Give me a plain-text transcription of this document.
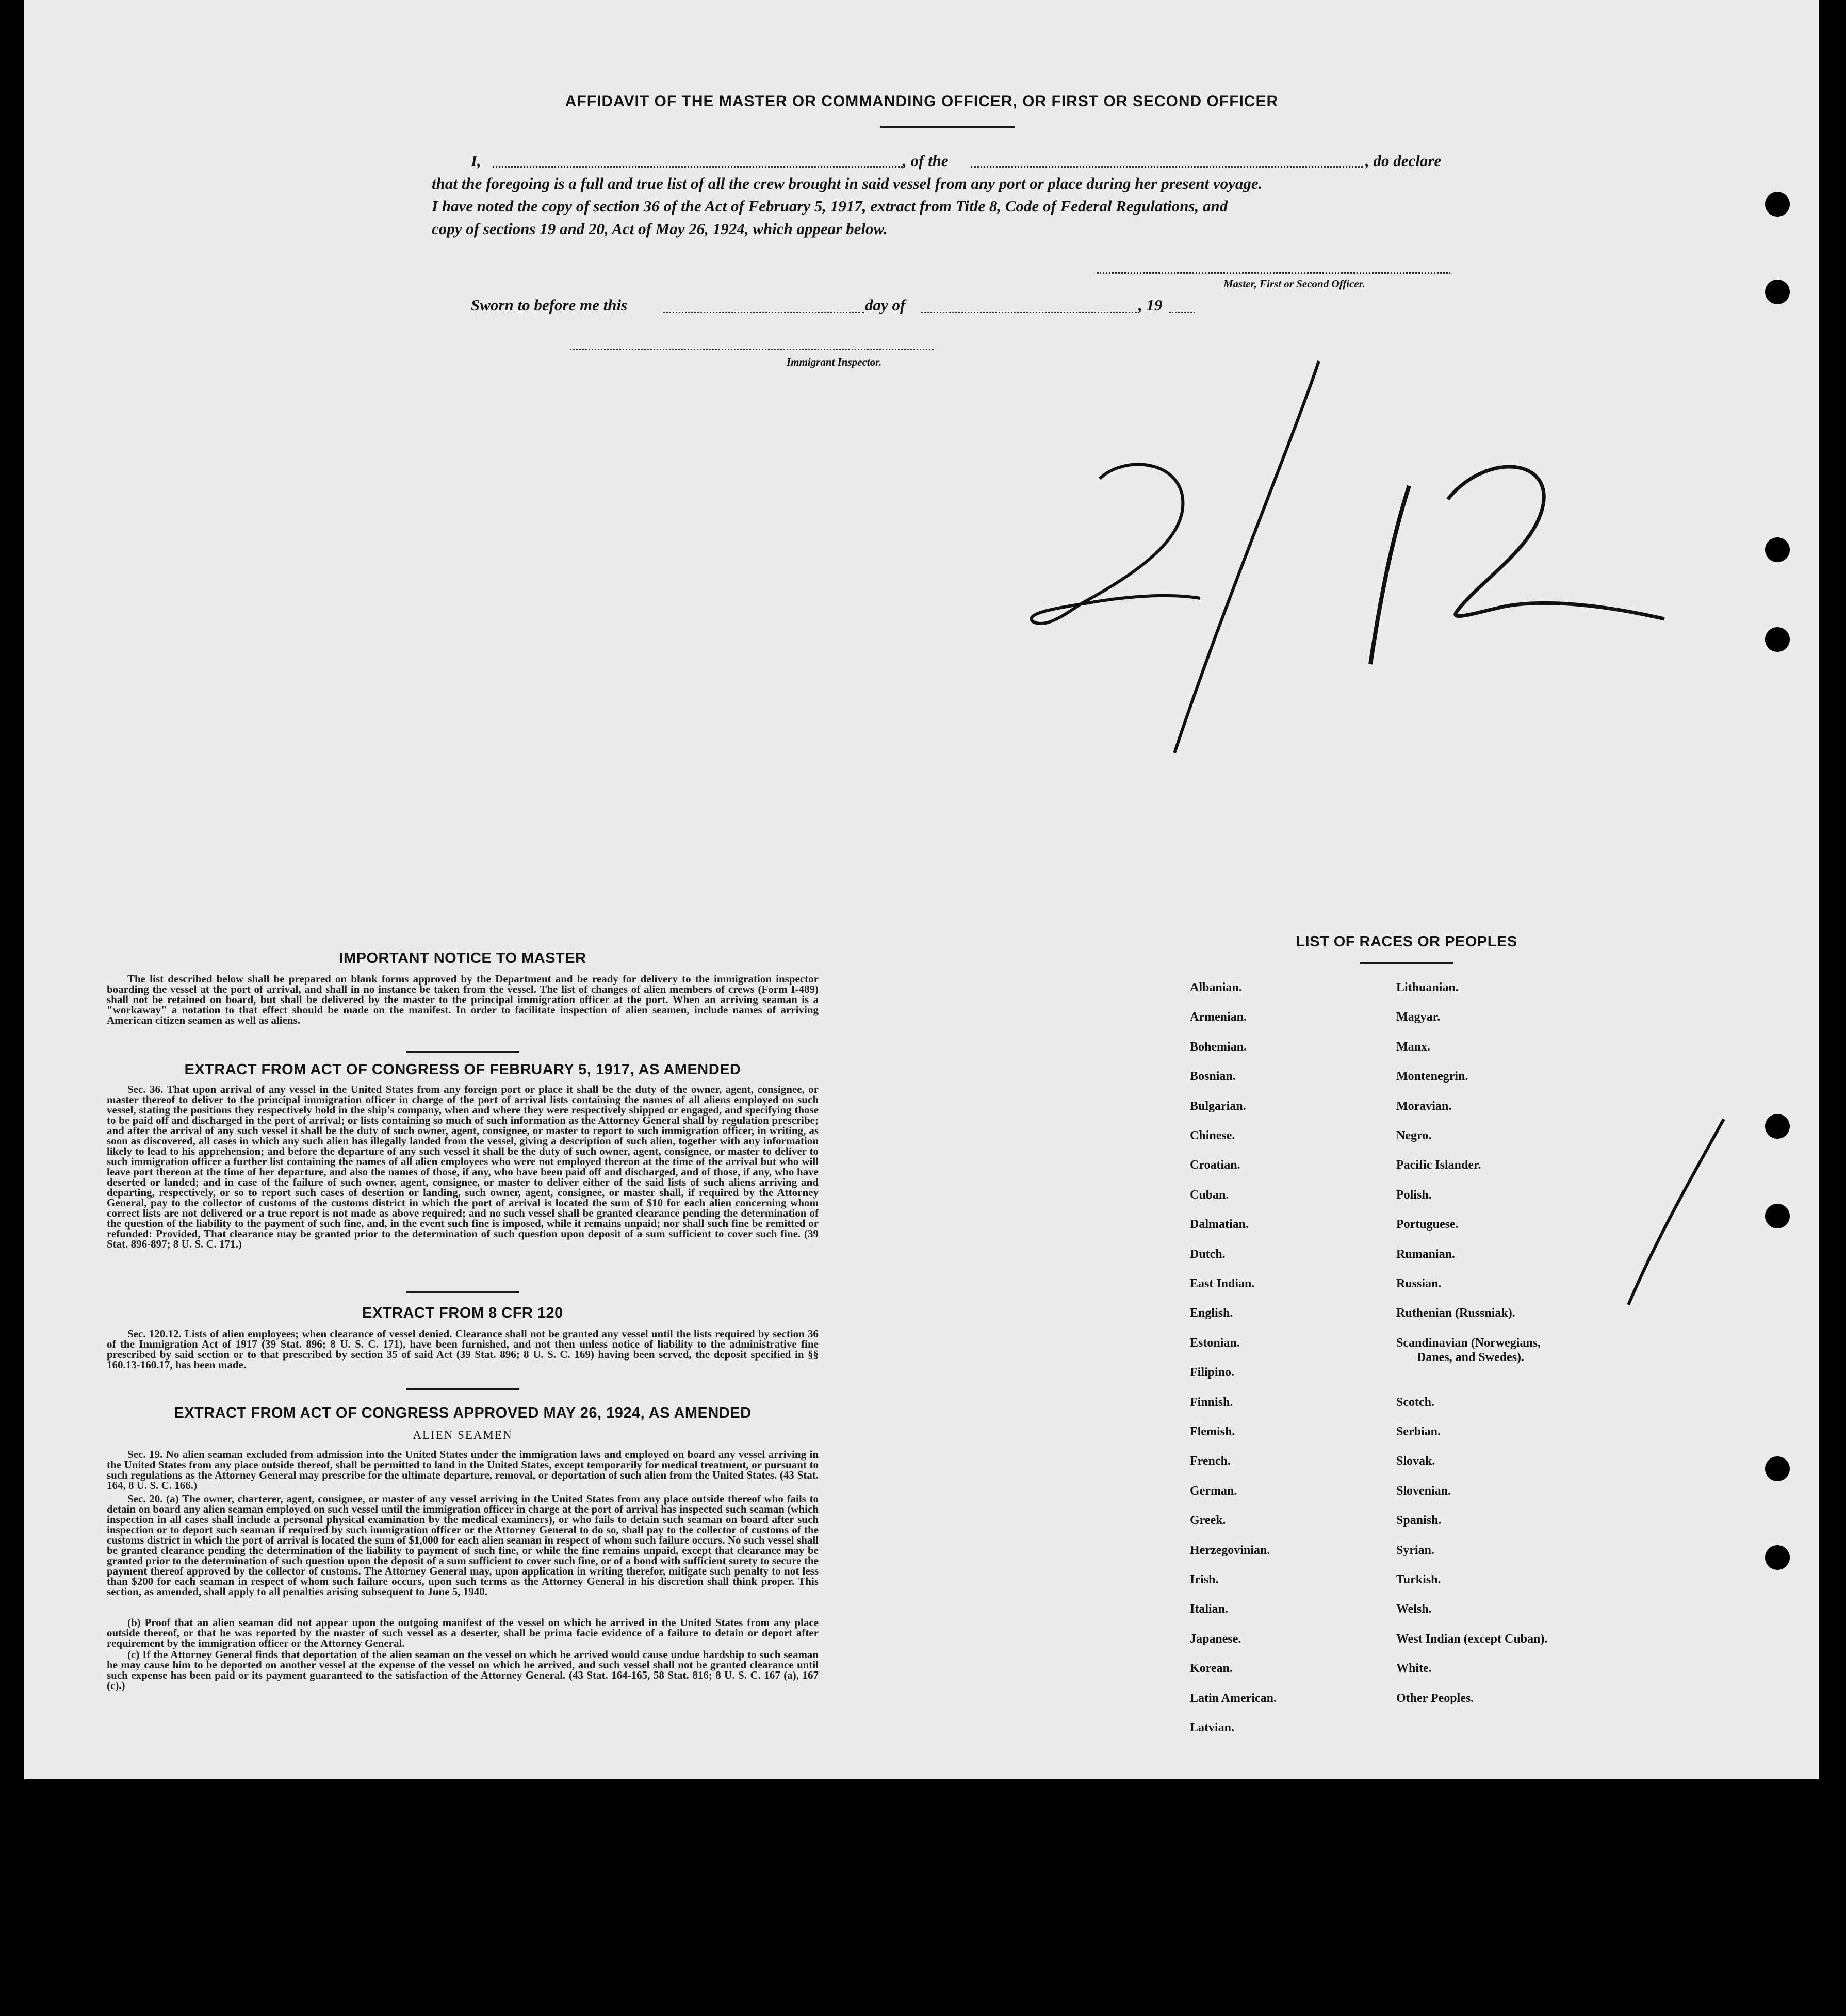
AFFIDAVIT OF THE MASTER OR COMMANDING OFFICER, OR FIRST OR SECOND OFFICER
I,	, of the	, do declare
that the foregoing is a full and true list of all the crew brought in said vessel from any port or place during her present voyage.
I have noted the copy of section 36 of the Act of February 5, 1917, extract from Title 8, Code of Federal Regulations, and
copy of sections 19 and 20, Act of May 26, 1924, which appear below.
Master, First or Second Officer.
Sworn to before me this	day of	, 19
Immigrant Inspector.
IMPORTANT NOTICE TO MASTER
The list described below shall be prepared on blank forms approved by the Department and be ready for delivery to the immigration inspector boarding the vessel at the port of arrival, and shall in no instance be taken from the vessel. The list of changes of alien members of crews (Form I-489) shall not be retained on board, but shall be delivered by the master to the principal immigration officer at the port. When an arriving seaman is a "workaway" a notation to that effect should be made on the manifest. In order to facilitate inspection of alien seamen, include names of arriving American citizen seamen as well as aliens.
EXTRACT FROM ACT OF CONGRESS OF FEBRUARY 5, 1917, AS AMENDED
Sec. 36. That upon arrival of any vessel in the United States from any foreign port or place it shall be the duty of the owner, agent, consignee, or master thereof to deliver to the principal immigration officer in charge of the port of arrival lists containing the names of all aliens employed on such vessel, stating the positions they respectively hold in the ship's company, when and where they were respectively shipped or engaged, and specifying those to be paid off and discharged in the port of arrival; or lists containing so much of such information as the Attorney General shall by regulation prescribe; and after the arrival of any such vessel it shall be the duty of such owner, agent, consignee, or master to report to such immigration officer, in writing, as soon as discovered, all cases in which any such alien has illegally landed from the vessel, giving a description of such alien, together with any information likely to lead to his apprehension; and before the departure of any such vessel it shall be the duty of such owner, agent, consignee, or master to deliver to such immigration officer a further list containing the names of all alien employees who were not employed thereon at the time of the arrival but who will leave port thereon at the time of her departure, and also the names of those, if any, who have been paid off and discharged, and of those, if any, who have deserted or landed; and in case of the failure of such owner, agent, consignee, or master to deliver either of the said lists of such aliens arriving and departing, respectively, or so to report such cases of desertion or landing, such owner, agent, consignee, or master shall, if required by the Attorney General, pay to the collector of customs of the customs district in which the port of arrival is located the sum of $10 for each alien concerning whom correct lists are not delivered or a true report is not made as above required; and no such vessel shall be granted clearance pending the determination of the question of the liability to the payment of such fine, and, in the event such fine is imposed, while it remains unpaid; nor shall such fine be remitted or refunded: Provided, That clearance may be granted prior to the determination of such question upon deposit of a sum sufficient to cover such fine. (39 Stat. 896-897; 8 U. S. C. 171.)
EXTRACT FROM 8 CFR 120
Sec. 120.12. Lists of alien employees; when clearance of vessel denied. Clearance shall not be granted any vessel until the lists required by section 36 of the Immigration Act of 1917 (39 Stat. 896; 8 U. S. C. 171), have been furnished, and not then unless notice of liability to the administrative fine prescribed by said section or to that prescribed by section 35 of said Act (39 Stat. 896; 8 U. S. C. 169) having been served, the deposit specified in §§ 160.13-160.17, has been made.
EXTRACT FROM ACT OF CONGRESS APPROVED MAY 26, 1924, AS AMENDED
ALIEN SEAMEN
Sec. 19. No alien seaman excluded from admission into the United States under the immigration laws and employed on board any vessel arriving in the United States from any place outside thereof, shall be permitted to land in the United States, except temporarily for medical treatment, or pursuant to such regulations as the Attorney General may prescribe for the ultimate departure, removal, or deportation of such alien from the United States. (43 Stat. 164, 8 U. S. C. 166.)
Sec. 20. (a) The owner, charterer, agent, consignee, or master of any vessel arriving in the United States from any place outside thereof who fails to detain on board any alien seaman employed on such vessel until the immigration officer in charge at the port of arrival has inspected such seaman (which inspection in all cases shall include a personal physical examination by the medical examiners), or who fails to detain such seaman on board after such inspection or to deport such seaman if required by such immigration officer or the Attorney General to do so, shall pay to the collector of customs of the customs district in which the port of arrival is located the sum of $1,000 for each alien seaman in respect of whom such failure occurs. No such vessel shall be granted clearance pending the determination of the liability to payment of such fine, or while the fine remains unpaid, except that clearance may be granted prior to the determination of such question upon the deposit of a sum sufficient to cover such fine, or of a bond with sufficient surety to secure the payment thereof approved by the collector of customs. The Attorney General may, upon application in writing therefor, mitigate such penalty to not less than $200 for each seaman in respect of whom such failure occurs, upon such terms as the Attorney General in his discretion shall think proper. This section, as amended, shall apply to all penalties arising subsequent to June 5, 1940.
(b) Proof that an alien seaman did not appear upon the outgoing manifest of the vessel on which he arrived in the United States from any place outside thereof, or that he was reported by the master of such vessel as a deserter, shall be prima facie evidence of a failure to detain or deport after requirement by the immigration officer or the Attorney General.
(c) If the Attorney General finds that deportation of the alien seaman on the vessel on which he arrived would cause undue hardship to such seaman he may cause him to be deported on another vessel at the expense of the vessel on which he arrived, and such vessel shall not be granted clearance until such expense has been paid or its payment guaranteed to the satisfaction of the Attorney General. (43 Stat. 164-165, 58 Stat. 816; 8 U. S. C. 167 (a), 167 (c).)
LIST OF RACES OR PEOPLES
Albanian.
Armenian.
Bohemian.
Bosnian.
Bulgarian.
Chinese.
Croatian.
Cuban.
Dalmatian.
Dutch.
East Indian.
English.
Estonian.
Filipino.
Finnish.
Flemish.
French.
German.
Greek.
Herzegovinian.
Irish.
Italian.
Japanese.
Korean.
Latin American.
Latvian.
Lithuanian.
Magyar.
Manx.
Montenegrin.
Moravian.
Negro.
Pacific Islander.
Polish.
Portuguese.
Rumanian.
Russian.
Ruthenian (Russniak).
Scandinavian (Norwegians,
Danes, and Swedes).
Scotch.
Serbian.
Slovak.
Slovenian.
Spanish.
Syrian.
Turkish.
Welsh.
West Indian (except Cuban).
White.
Other Peoples.
